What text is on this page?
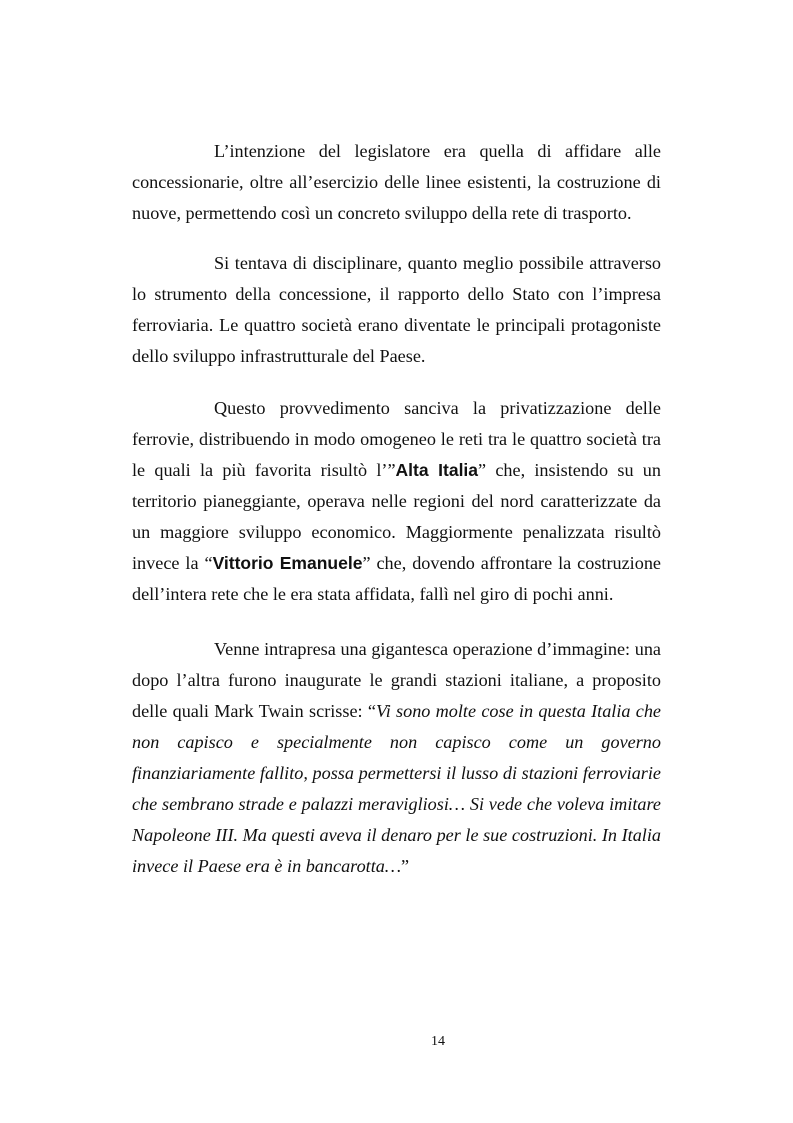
L’intenzione del legislatore era quella di affidare alle concessionarie, oltre all’esercizio delle linee esistenti, la costruzione di nuove, permettendo così un concreto sviluppo della rete di trasporto.

Si tentava di disciplinare, quanto meglio possibile attraverso lo strumento della concessione, il rapporto dello Stato con l’impresa ferroviaria. Le quattro società erano diventate le principali protagoniste dello sviluppo infrastrutturale del Paese.

Questo provvedimento sanciva la privatizzazione delle ferrovie, distribuendo in modo omogeneo le reti tra le quattro società tra le quali la più favorita risultò l’”Alta Italia” che, insistendo su un territorio pianeggiante, operava nelle regioni del nord caratterizzate da un maggiore sviluppo economico. Maggiormente penalizzata risultò invece la “Vittorio Emanuele” che, dovendo affrontare la costruzione dell’intera rete che le era stata affidata, fallì nel giro di pochi anni.

Venne intrapresa una gigantesca operazione d’immagine: una dopo l’altra furono inaugurate le grandi stazioni italiane, a proposito delle quali Mark Twain scrisse: “Vi sono molte cose in questa Italia che non capisco e specialmente non capisco come un governo finanziariamente fallito, possa permettersi il lusso di stazioni ferroviarie che sembrano strade e palazzi meravigliosi… Si vede che voleva imitare Napoleone III. Ma questi aveva il denaro per le sue costruzioni. In Italia invece il Paese era è in bancarotta…”

14
